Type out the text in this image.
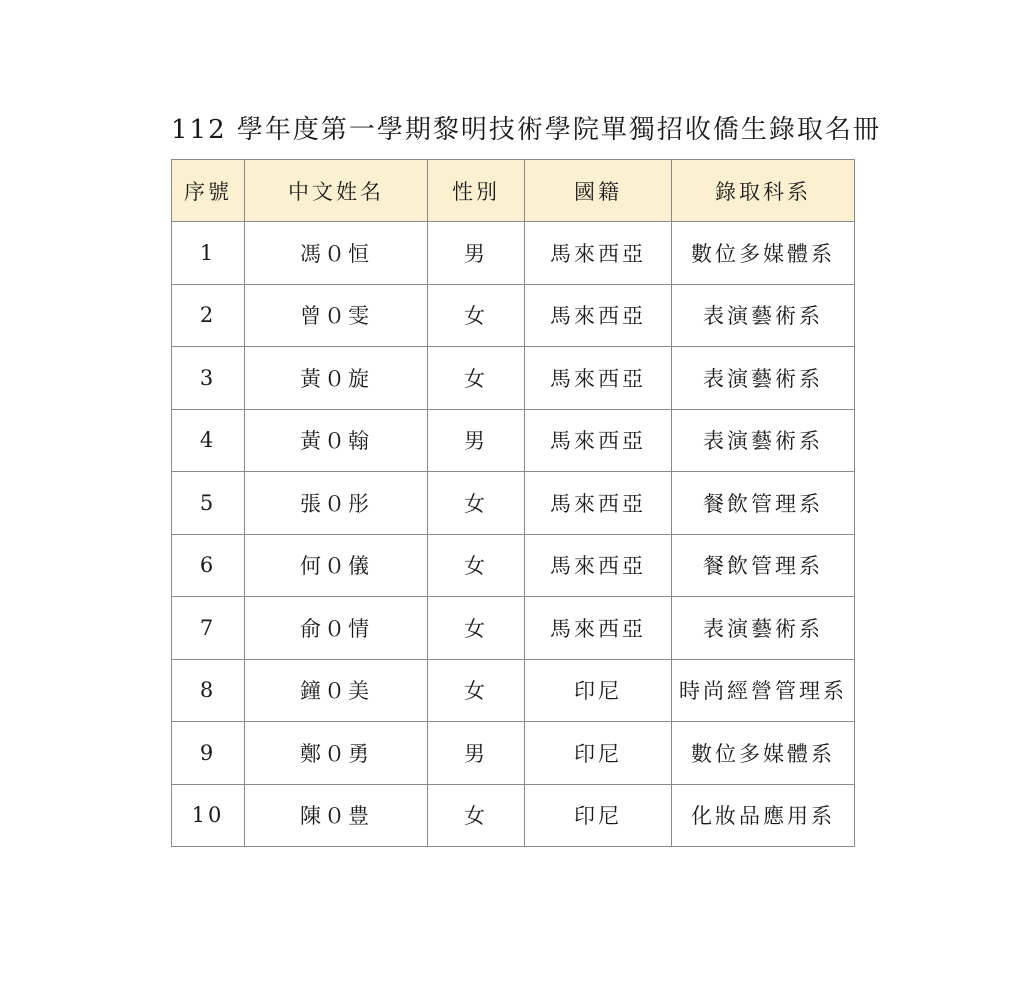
112 學年度第一學期黎明技術學院單獨招收僑生錄取名冊
序號	中文姓名	性別	國籍	錄取科系
1	馮０恒	男	馬來西亞	數位多媒體系
2	曾０雯	女	馬來西亞	表演藝術系
3	黃０旋	女	馬來西亞	表演藝術系
4	黃０翰	男	馬來西亞	表演藝術系
5	張０彤	女	馬來西亞	餐飲管理系
6	何０儀	女	馬來西亞	餐飲管理系
7	俞０情	女	馬來西亞	表演藝術系
8	鐘０美	女	印尼	時尚經營管理系
9	鄭０勇	男	印尼	數位多媒體系
10	陳０豊	女	印尼	化妝品應用系
